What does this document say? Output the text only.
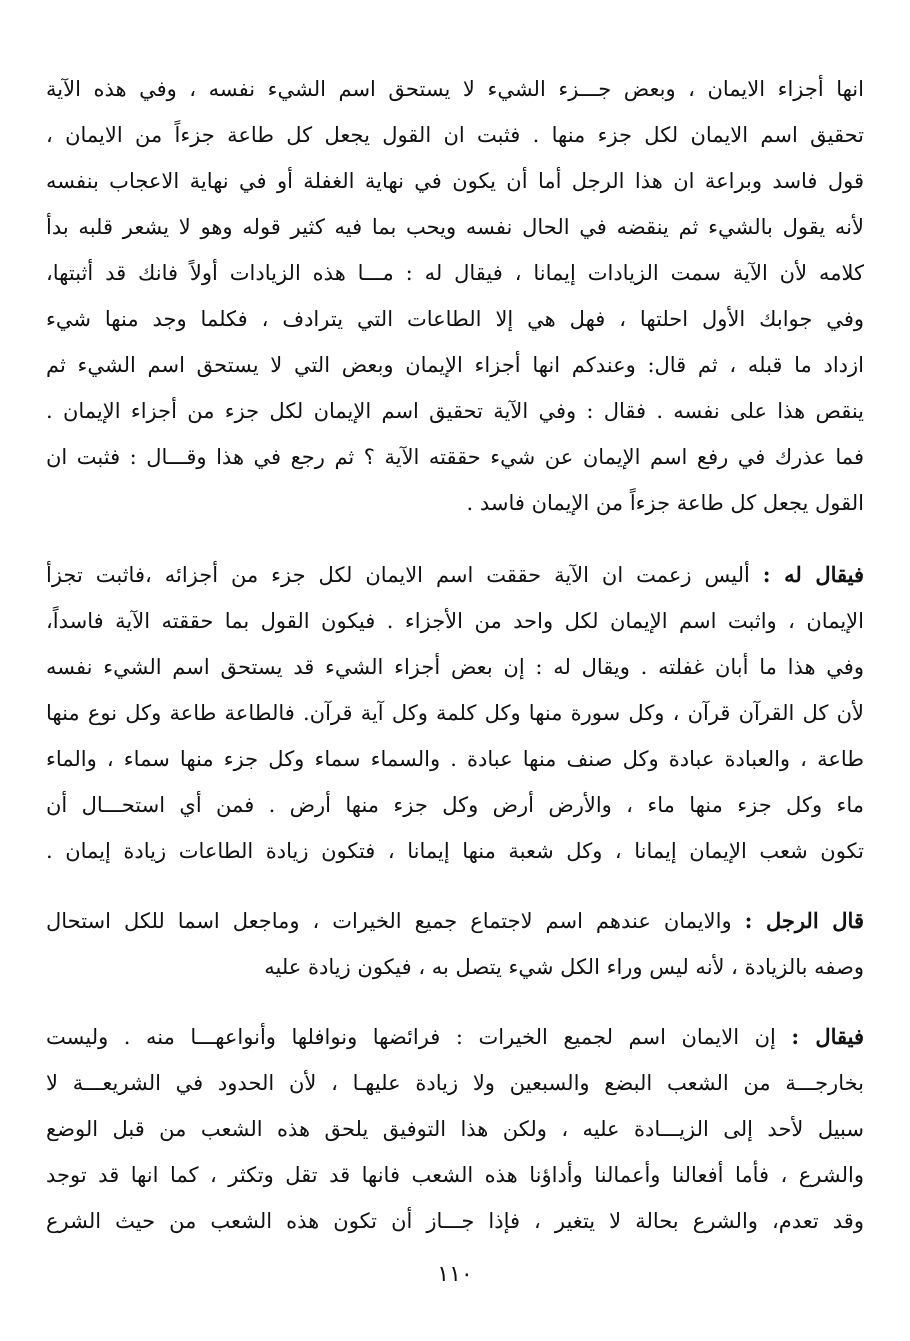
انها أجزاء الايمان ، وبعض جـــزء الشيء لا يستحق اسم الشيء نفسه ، وفي هذه الآية
تحقيق اسم الايمان لكل جزء منها . فثبت ان القول يجعل كل طاعة جزءاً من الايمان ،
قول فاسد وبراعة ان هذا الرجل أما أن يكون في نهاية الغفلة أو في نهاية الاعجاب بنفسه
لأنه يقول بالشيء ثم ينقضه في الحال نفسه ويحب بما فيه كثير قوله وهو لا يشعر قلبه بدأ
كلامه لأن الآية سمت الزيادات إيمانا ، فيقال له : مـــا هذه الزيادات أولاً فانك قد أثبتها،
وفي جوابك الأول احلتها ، فهل هي إلا الطاعات التي يترادف ، فكلما وجد منها شيء
ازداد ما قبله ، ثم قال: وعندكم انها أجزاء الإيمان وبعض التي لا يستحق اسم الشيء ثم
ينقص هذا على نفسه . فقال : وفي الآية تحقيق اسم الإيمان لكل جزء من أجزاء الإيمان .
فما عذرك في رفع اسم الإيمان عن شيء حققته الآية ؟ ثم رجع في هذا وقـــال : فثبت ان
القول يجعل كل طاعة جزءاً من الإيمان فاسد .
فيقال له : ألیس زعمت ان الآية حققت اسم الایمان لكل جزء من أجزائه ،فاثبت تجزأ
الإيمان ، واثبت اسم الإيمان لكل واحد من الأجزاء . فيكون القول بما حققته الآية فاسداً،
وفي هذا ما أبان غفلته . ويقال له : إن بعض أجزاء الشيء قد يستحق اسم الشيء نفسه
لأن كل القرآن قرآن ، وكل سورة منها وكل كلمة وكل آية قرآن. فالطاعة طاعة وكل نوع منها
طاعة ، والعبادة عبادة وكل صنف منها عبادة . والسماء سماء وكل جزء منها سماء ، والماء
ماء وكل جزء منها ماء ، والأرض أرض وكل جزء منها أرض . فمن أي استحـــال أن
تكون شعب الإيمان إيمانا ، وكل شعبة منها إيمانا ، فتكون زيادة الطاعات زيادة إيمان .
قال الرجل : والايمان عندهم اسم لاجتماع جميع الخيرات ، وماجعل اسما للكل استحال
وصفه بالزيادة ، لأنه ليس وراء الكل شيء يتصل به ، فيكون زيادة عليه
فيقال : إن الايمان اسم لجميع الخيرات : فرائضها ونوافلها وأنواعهـــا منه . وليست
بخارجـــة من الشعب البضع والسبعين ولا زيادة عليهـا ، لأن الحدود في الشريعـــة لا
سبيل لأحد إلى الزيـــادة عليه ، ولكن هذا التوفيق يلحق هذه الشعب من قبل الوضع
والشرع ، فأما أفعالنا وأعمالنا وأداؤنا هذه الشعب فانها قد تقل وتكثر ، كما انها قد توجد
وقد تعدم، والشرع بحالة لا يتغير ، فإذا جـــاز أن تكون هذه الشعب من حيث الشرع
١١٠
